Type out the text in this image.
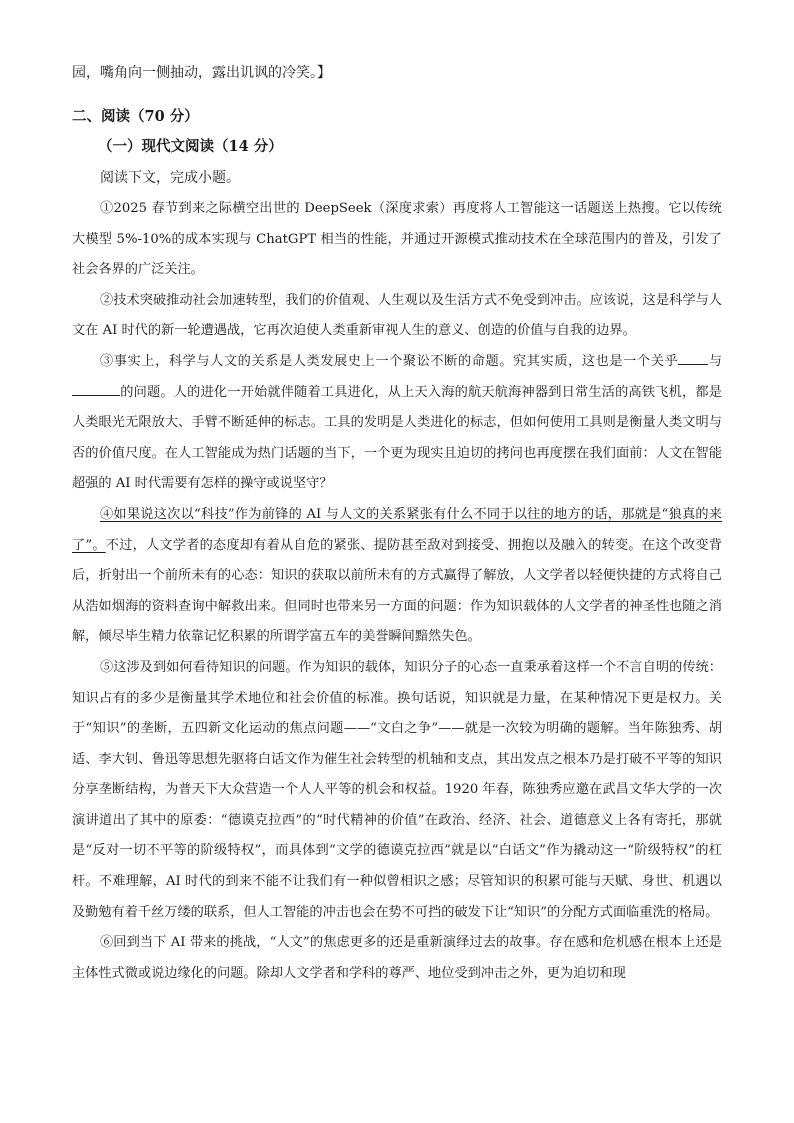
园，嘴角向一侧抽动，露出讥讽的冷笑。】
二、阅读（70 分）
（一）现代文阅读（14 分）
阅读下文，完成小题。

①2025 春节到来之际横空出世的 DeepSeek（深度求索）再度将人工智能这一话题送上热搜。它以传统大模型 5%-10%的成本实现与 ChatGPT 相当的性能，并通过开源模式推动技术在全球范围内的普及，引发了社会各界的广泛关注。

②技术突破推动社会加速转型，我们的价值观、人生观以及生活方式不免受到冲击。应该说，这是科学与人文在 AI 时代的新一轮遭遇战，它再次迫使人类重新审视人生的意义、创造的价值与自我的边界。

③事实上，科学与人文的关系是人类发展史上一个聚讼不断的命题。究其实质，这也是一个关乎 与的问题。人的进化一开始就伴随着工具进化，从上天入海的航天航海神器到日常生活的高铁飞机，都是人类眼光无限放大、手臂不断延伸的标志。工具的发明是人类进化的标志，但如何使用工具则是衡量人类文明与否的价值尺度。在人工智能成为热门话题的当下，一个更为现实且迫切的拷问也再度摆在我们面前：人文在智能超强的 AI 时代需要有怎样的操守或说坚守？

④如果说这次以“科技”作为前锋的 AI 与人文的关系紧张有什么不同于以往的地方的话，那就是“狼真的来了”。不过，人文学者的态度却有着从自危的紧张、提防甚至敌对到接受、拥抱以及融入的转变。在这个改变背后，折射出一个前所未有的心态：知识的获取以前所未有的方式赢得了解放，人文学者以轻便快捷的方式将自己从浩如烟海的资料查询中解救出来。但同时也带来另一方面的问题：作为知识载体的人文学者的神圣性也随之消解，倾尽毕生精力依靠记忆积累的所谓学富五车的美誉瞬间黯然失色。

⑤这涉及到如何看待知识的问题。作为知识的载体，知识分子的心态一直秉承着这样一个不言自明的传统：知识占有的多少是衡量其学术地位和社会价值的标准。换句话说，知识就是力量，在某种情况下更是权力。关于“知识”的垄断，五四新文化运动的焦点问题——“文白之争”——就是一次较为明确的题解。当年陈独秀、胡适、李大钊、鲁迅等思想先驱将白话文作为催生社会转型的机轴和支点，其出发点之根本乃是打破不平等的知识分享垄断结构，为普天下大众营造一个人人平等的机会和权益。1920 年春，陈独秀应邀在武昌文华大学的一次演讲道出了其中的原委：“德谟克拉西”的“时代精神的价值”在政治、经济、社会、道德意义上各有寄托，那就是“反对一切不平等的阶级特权”，而具体到“文学的德谟克拉西”就是以“白话文”作为撬动这一“阶级特权”的杠杆。不难理解，AI 时代的到来不能不让我们有一种似曾相识之感；尽管知识的积累可能与天赋、身世、机遇以及勤勉有着千丝万缕的联系，但人工智能的冲击也会在势不可挡的破发下让“知识”的分配方式面临重洗的格局。

⑥回到当下 AI 带来的挑战，“人文”的焦虑更多的还是重新演绎过去的故事。存在感和危机感在根本上还是主体性式微或说边缘化的问题。除却人文学者和学科的尊严、地位受到冲击之外，更为迫切和现
